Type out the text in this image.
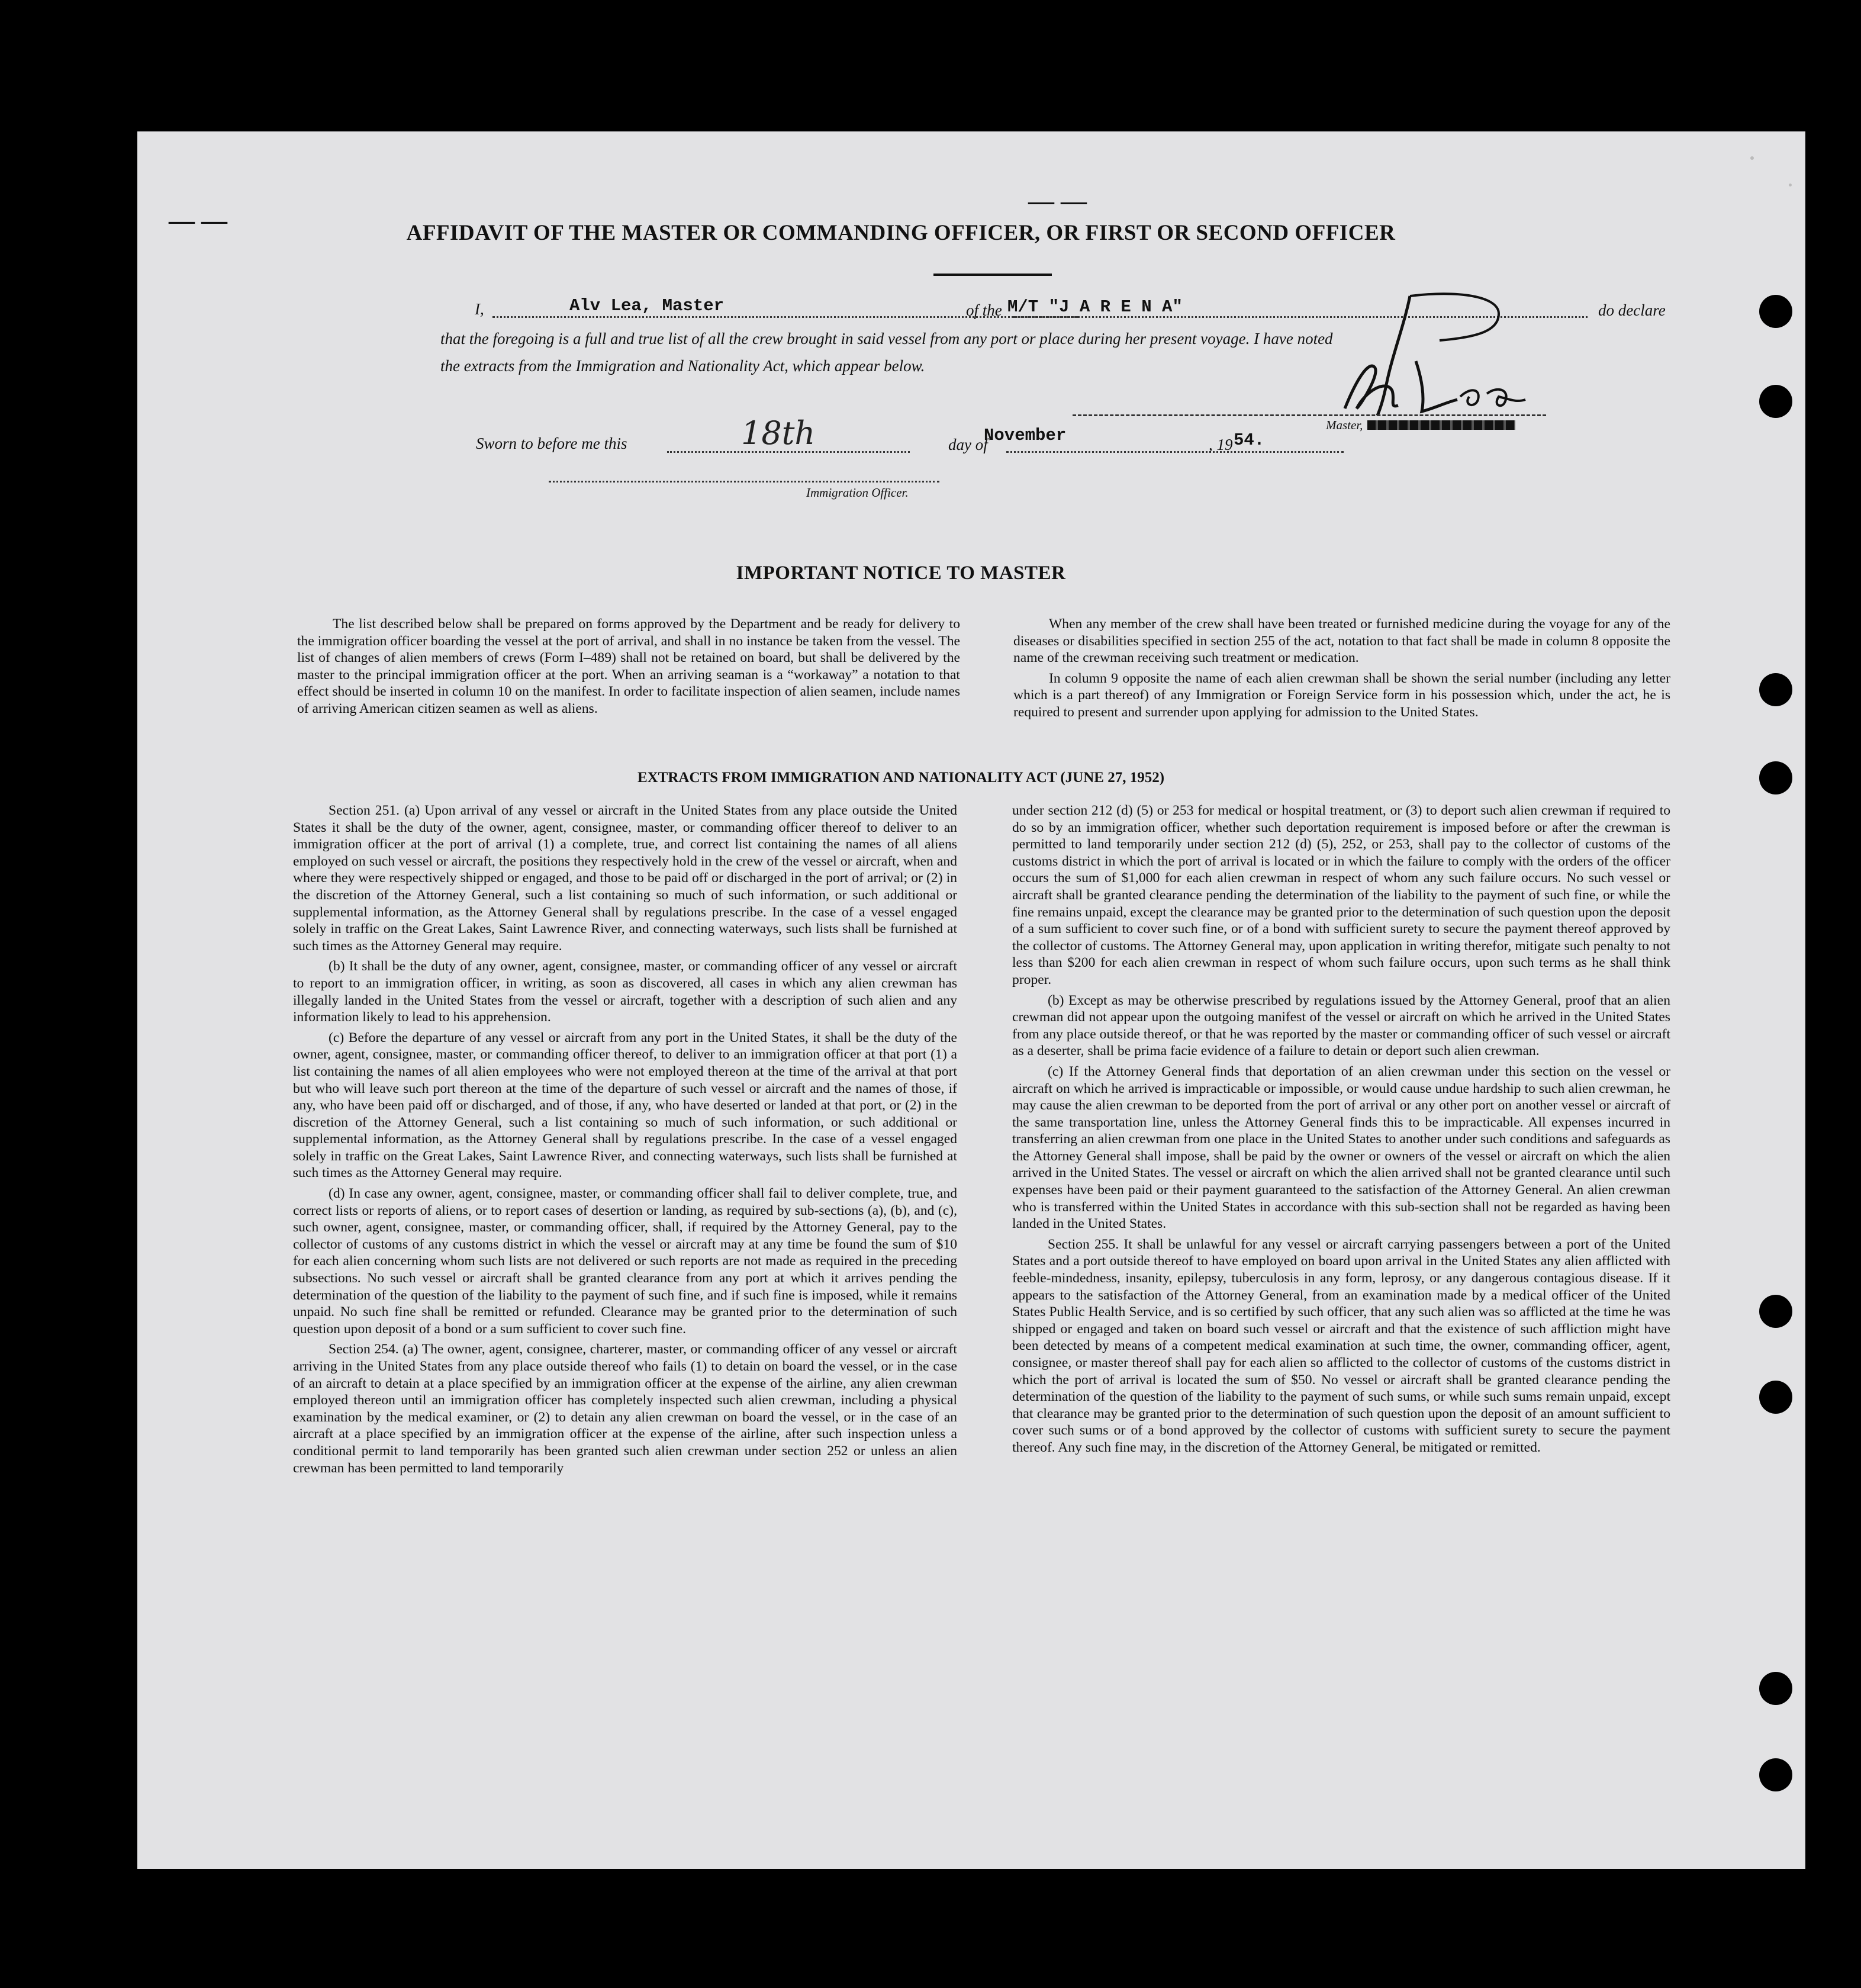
— —
— —	AFFIDAVIT OF THE MASTER OR COMMANDING OFFICER, OR FIRST OR SECOND OFFICER
I,	Alv Lea, Master	of the M/T "J A R E N A"	do declare
that the foregoing is a full and true list of all the crew brought in said vessel from any port or place during her present voyage. I have noted
the extracts from the Immigration and Nationality Act, which appear below.
Master,
Sworn to before me this	18th	day of
November	, 19 54.
Immigration Officer.
IMPORTANT NOTICE TO MASTER

The list described below shall be prepared on forms approved by the Department and be ready for delivery to the immigration officer boarding the vessel at the port of arrival, and shall in no instance be taken from the vessel. The list of changes of alien members of crews (Form I–489) shall not be retained on board, but shall be delivered by the master to the principal immigration officer at the port. When an arriving seaman is a “workaway” a notation to that effect should be inserted in column 10 on the manifest. In order to facilitate inspection of alien seamen, include names of arriving American citizen seamen as well as aliens.

When any member of the crew shall have been treated or furnished medicine during the voyage for any of the diseases or disabilities specified in section 255 of the act, notation to that fact shall be made in column 8 opposite the name of the crewman receiving such treatment or medication.

In column 9 opposite the name of each alien crewman shall be shown the serial number (including any letter which is a part thereof) of any Immigration or Foreign Service form in his possession which, under the act, he is required to present and surrender upon applying for admission to the United States.

EXTRACTS FROM IMMIGRATION AND NATIONALITY ACT (JUNE 27, 1952)

Section 251. (a) Upon arrival of any vessel or aircraft in the United States from any place outside the United States it shall be the duty of the owner, agent, consignee, master, or commanding officer thereof to deliver to an immigration officer at the port of arrival (1) a complete, true, and correct list containing the names of all aliens employed on such vessel or aircraft, the positions they respectively hold in the crew of the vessel or aircraft, when and where they were respectively shipped or engaged, and those to be paid off or discharged in the port of arrival; or (2) in the discretion of the Attorney General, such a list containing so much of such information, or such additional or supplemental information, as the Attorney General shall by regulations prescribe. In the case of a vessel engaged solely in traffic on the Great Lakes, Saint Lawrence River, and connecting waterways, such lists shall be furnished at such times as the Attorney General may require.

(b) It shall be the duty of any owner, agent, consignee, master, or commanding officer of any vessel or aircraft to report to an immigration officer, in writing, as soon as discovered, all cases in which any alien crewman has illegally landed in the United States from the vessel or aircraft, together with a description of such alien and any information likely to lead to his apprehension.

(c) Before the departure of any vessel or aircraft from any port in the United States, it shall be the duty of the owner, agent, consignee, master, or commanding officer thereof, to deliver to an immigration officer at that port (1) a list containing the names of all alien employees who were not employed thereon at the time of the arrival at that port but who will leave such port thereon at the time of the departure of such vessel or aircraft and the names of those, if any, who have been paid off or discharged, and of those, if any, who have deserted or landed at that port, or (2) in the discretion of the Attorney General, such a list containing so much of such information, or such additional or supplemental information, as the Attorney General shall by regulations prescribe. In the case of a vessel engaged solely in traffic on the Great Lakes, Saint Lawrence River, and connecting waterways, such lists shall be furnished at such times as the Attorney General may require.

(d) In case any owner, agent, consignee, master, or commanding officer shall fail to deliver complete, true, and correct lists or reports of aliens, or to report cases of desertion or landing, as required by sub-sections (a), (b), and (c), such owner, agent, consignee, master, or commanding officer, shall, if required by the Attorney General, pay to the collector of customs of any customs district in which the vessel or aircraft may at any time be found the sum of $10 for each alien concerning whom such lists are not delivered or such reports are not made as required in the preceding subsections. No such vessel or aircraft shall be granted clearance from any port at which it arrives pending the determination of the question of the liability to the payment of such fine, and if such fine is imposed, while it remains unpaid. No such fine shall be remitted or refunded. Clearance may be granted prior to the determination of such question upon deposit of a bond or a sum sufficient to cover such fine.

Section 254. (a) The owner, agent, consignee, charterer, master, or commanding officer of any vessel or aircraft arriving in the United States from any place outside thereof who fails (1) to detain on board the vessel, or in the case of an aircraft to detain at a place specified by an immigration officer at the expense of the airline, any alien crewman employed thereon until an immigration officer has completely inspected such alien crewman, including a physical examination by the medical examiner, or (2) to detain any alien crewman on board the vessel, or in the case of an aircraft at a place specified by an immigration officer at the expense of the airline, after such inspection unless a conditional permit to land temporarily has been granted such alien crewman under section 252 or unless an alien crewman has been permitted to land temporarily

under section 212 (d) (5) or 253 for medical or hospital treatment, or (3) to deport such alien crewman if required to do so by an immigration officer, whether such deportation requirement is imposed before or after the crewman is permitted to land temporarily under section 212 (d) (5), 252, or 253, shall pay to the collector of customs of the customs district in which the port of arrival is located or in which the failure to comply with the orders of the officer occurs the sum of $1,000 for each alien crewman in respect of whom any such failure occurs. No such vessel or aircraft shall be granted clearance pending the determination of the liability to the payment of such fine, or while the fine remains unpaid, except the clearance may be granted prior to the determination of such question upon the deposit of a sum sufficient to cover such fine, or of a bond with sufficient surety to secure the payment thereof approved by the collector of customs. The Attorney General may, upon application in writing therefor, mitigate such penalty to not less than $200 for each alien crewman in respect of whom such failure occurs, upon such terms as he shall think proper.

(b) Except as may be otherwise prescribed by regulations issued by the Attorney General, proof that an alien crewman did not appear upon the outgoing manifest of the vessel or aircraft on which he arrived in the United States from any place outside thereof, or that he was reported by the master or commanding officer of such vessel or aircraft as a deserter, shall be prima facie evidence of a failure to detain or deport such alien crewman.

(c) If the Attorney General finds that deportation of an alien crewman under this section on the vessel or aircraft on which he arrived is impracticable or impossible, or would cause undue hardship to such alien crewman, he may cause the alien crewman to be deported from the port of arrival or any other port on another vessel or aircraft of the same transportation line, unless the Attorney General finds this to be impracticable. All expenses incurred in transferring an alien crewman from one place in the United States to another under such conditions and safeguards as the Attorney General shall impose, shall be paid by the owner or owners of the vessel or aircraft on which the alien arrived in the United States. The vessel or aircraft on which the alien arrived shall not be granted clearance until such expenses have been paid or their payment guaranteed to the satisfaction of the Attorney General. An alien crewman who is transferred within the United States in accordance with this sub-section shall not be regarded as having been landed in the United States.

Section 255. It shall be unlawful for any vessel or aircraft carrying passengers between a port of the United States and a port outside thereof to have employed on board upon arrival in the United States any alien afflicted with feeble-mindedness, insanity, epilepsy, tuberculosis in any form, leprosy, or any dangerous contagious disease. If it appears to the satisfaction of the Attorney General, from an examination made by a medical officer of the United States Public Health Service, and is so certified by such officer, that any such alien was so afflicted at the time he was shipped or engaged and taken on board such vessel or aircraft and that the existence of such affliction might have been detected by means of a competent medical examination at such time, the owner, commanding officer, agent, consignee, or master thereof shall pay for each alien so afflicted to the collector of customs of the customs district in which the port of arrival is located the sum of $50. No vessel or aircraft shall be granted clearance pending the determination of the question of the liability to the payment of such sums, or while such sums remain unpaid, except that clearance may be granted prior to the determination of such question upon the deposit of an amount sufficient to cover such sums or of a bond approved by the collector of customs with sufficient surety to secure the payment thereof. Any such fine may, in the discretion of the Attorney General, be mitigated or remitted.
